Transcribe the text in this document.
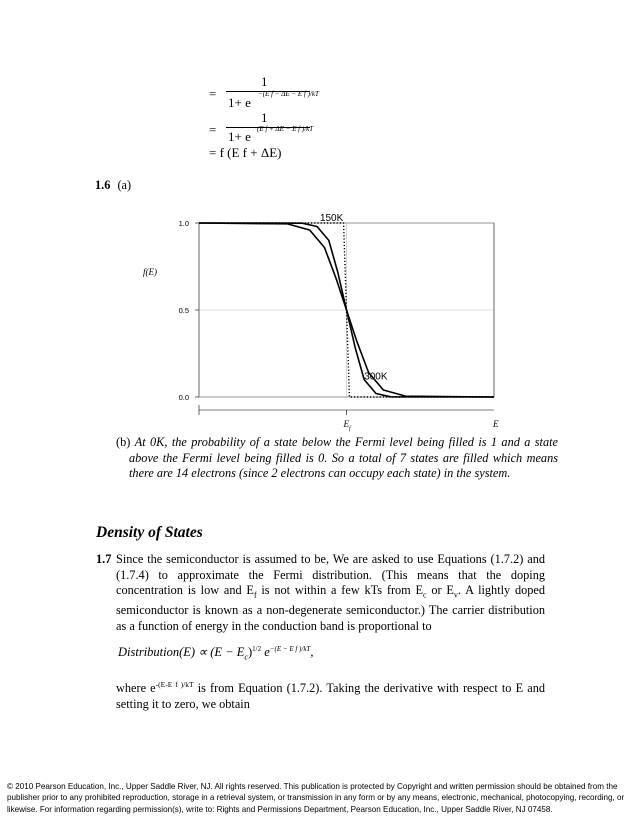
=
1
1+ e
−(E f − ΔE − E f )/kT
=
1
1+ e (E f + ΔE − E f )/kT
= f (E f + ΔE)
1.6 (a)
1.0
0.5
0.0
$E_f$	E
f(E)
150K
300K
(b) At 0K, the probability of a state below the Fermi level being filled is 1 and a state above the Fermi level being filled is 0. So a total of 7 states are filled which means there are 14 electrons (since 2 electrons can occupy each state) in the system.
Density of States
1.7 Since the semiconductor is assumed to be, We are asked to use Equations (1.7.2) and (1.7.4) to approximate the Fermi distribution. (This means that the doping concentration is low and $E_f$ is not within a few kTs from $E_c$ or $E_v$. A lightly doped semiconductor is known as a non-degenerate semiconductor.) The carrier distribution as a function of energy in the conduction band is proportional to
Distribution(E) ∝ $(E - E_c)^{1/2}$ $e^{-(E - E f )/kT}$,
where $e^{-(E-E f )/kT}$ is from Equation (1.7.2). Taking the derivative with respect to E and setting it to zero, we obtain
© 2010 Pearson Education, Inc., Upper Saddle River, NJ. All rights reserved. This publication is protected by Copyright and written permission should be obtained from the publisher prior to any prohibited reproduction, storage in a retrieval system, or transmission in any form or by any means, electronic, mechanical, photocopying, recording, or likewise. For information regarding permission(s), write to: Rights and Permissions Department, Pearson Education, Inc., Upper Saddle River, NJ 07458.
